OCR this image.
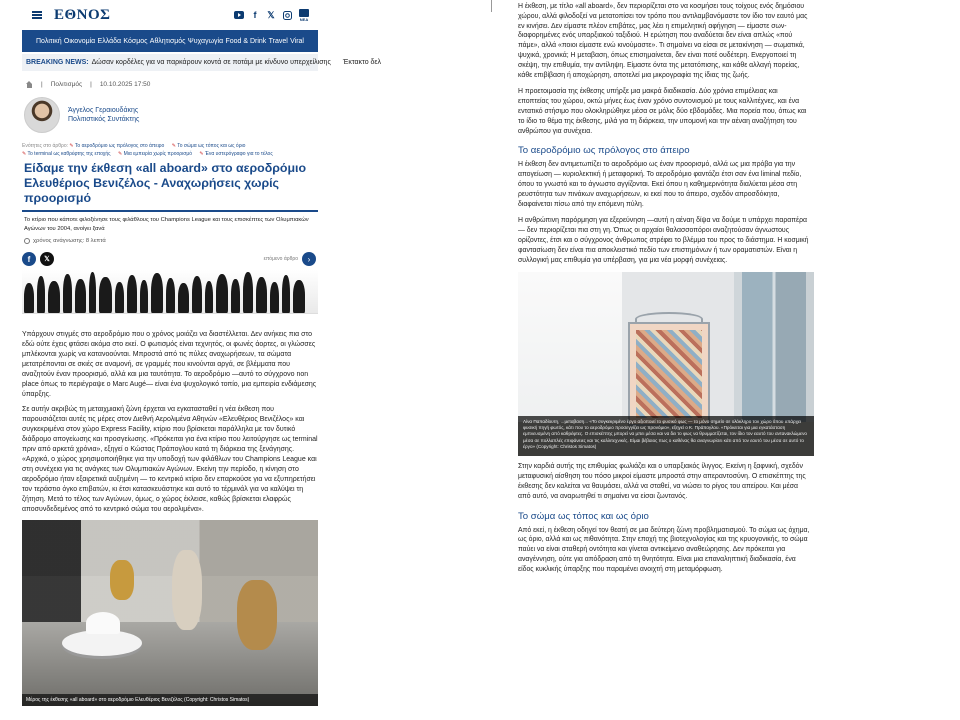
ΕΘΝΟΣ	f	𝕏	ΝΕΑ
Πολιτική Οικονομία Ελλάδα Κόσμος Αθλητισμός Ψυχαγωγία Food & Drink Travel Viral
BREAKING NEWS: Δώσαν κορδέλες για να παρκάρουν κοντά σε ποτάμι με κίνδυνο υπερχείλισης	Έκτακτο δελ
| Πολιτισμός | 10.10.2025 17:50
Άγγελος Γεραιουδάκης
Πολιτιστικός Συντάκτης
Ενότητες στο άρθρο: ✎ Το αεροδρόμιο ως πρόλογος στο άπειρο	✎ Το σώμα ως τόπος και ως όριο
✎ Το terminal ως καθρέφτης της εποχής	✎ Μια εμπειρία χωρίς προορισμό	✎ Ένα υστερόγραφο για το τέλος
Είδαμε την έκθεση «all aboard» στο αεροδρόμιο Ελευθέριος Βενιζέλος - Αναχωρήσεις χωρίς προορισμό
Το κτίριο που κάποτε φιλοξένησε τους φιλάθλους του Champions League και τους επισκέπτες των Ολυμπιακών Αγώνων του 2004, ανοίγει ξανά
χρόνος ανάγνωσης: 8 λεπτά
f	𝕏	επόμενο άρθρο	›

Υπάρχουν στιγμές στο αεροδρόμιο που ο χρόνος μοιάζει να διαστέλλεται. Δεν ανήκεις πια στο εδώ ούτε έχεις φτάσει ακόμα στο εκεί. Ο φωτισμός είναι τεχνητός, οι φωνές άορτες, οι γλώσσες μπλέκονται χωρίς να κατανοούνται. Μπροστά από τις πύλες αναχωρήσεων, τα σώματα μετατρέπονται σε σκιές σε αναμονή, σε γραμμές που κινούνται αργά, σε βλέμματα που αναζητούν έναν προορισμό, αλλά και μια ταυτότητα. Το αεροδρόμιο —αυτό το σύγχρονο non place όπως το περιέγραψε ο Marc Augé— είναι ένα ψυχολογικό τοπίο, μια εμπειρία ενδιάμεσης ύπαρξης.

Σε αυτήν ακριβώς τη μεταιχμιακή ζώνη έρχεται να εγκατασταθεί η νέα έκθεση που παρουσιάζεται αυτές τις μέρες στον Διεθνή Αερολιμένα Αθηνών «Ελευθέριος Βενιζέλος» και συγκεκριμένα στον χώρο Express Facility, κτίριο που βρίσκεται παράλληλα με τον δυτικό διάδρομο απογείωσης και προσγείωσης. «Πρόκειται για ένα κτίριο που λειτούργησε ως terminal πριν από αρκετά χρόνια», εξηγεί ο Κώστας Πράπογλου κατά τη διάρκεια της ξενάγησης. «Αρχικά, ο χώρος χρησιμοποιήθηκε για την υποδοχή των φιλάθλων του Champions League και στη συνέχεια για τις ανάγκες των Ολυμπιακών Αγώνων. Εκείνη την περίοδο, η κίνηση στο αεροδρόμιο ήταν εξαιρετικά αυξημένη — το κεντρικό κτίριο δεν επαρκούσε για να εξυπηρετήσει τον τεράστιο όγκο επιβατών, κι έτσι κατασκευάστηκε και αυτό το τέρμινάλ για να καλύψει τη ζήτηση. Μετά το τέλος των Αγώνων, όμως, ο χώρος έκλεισε, καθώς βρίσκεται ελαφρώς αποσυνδεδεμένος από το κεντρικό σώμα του αερολιμένα».

Μέρος της έκθεσης «all aboard» στο αεροδρόμιο Ελευθέριος Βενιζέλος (Copyright: Christos Simatos)

Η έκθεση, με τίτλο «all aboard», δεν περιορίζεται στο να κοσμήσει τους τοίχους ενός δημόσιου χώρου, αλλά φιλοδοξεί να μετατοπίσει τον τρόπο που αντιλαμβανόμαστε τον ίδιο τον εαυτό μας εν κινήσει. Δεν είμαστε πλέον επιβάτες, μας λέει η επιμελητική αφήγηση — είμαστε σων-διαφορημένες ενός υπαρξιακού ταξιδιού. Η ερώτηση που αναδύεται δεν είναι απλώς «πού πάμε», αλλά «ποιοι είμαστε ενώ κινούμαστε». Τι σημαίνει να είσαι σε μετακίνηση — σωματικά, ψυχικά, χρονικά; Η μεταβαση, όπως επισημαίνεται, δεν είναι ποτέ ουδέτερη. Ενεργοποιεί τη σκέψη, την επιθυμία, την αντίληψη. Είμαστε όντα της μετατόπισης, και κάθε αλλαγή πορείας, κάθε επιβίβαση ή αποχώρηση, αποτελεί μια μικρογραφία της ίδιας της ζωής.

Η προετοιμασία της έκθεσης υπήρξε μια μακρά διαδικασία. Δύο χρόνια επιμέλειας και εποπτείας του χώρου, οκτώ μήνες έως έναν χρόνο συντονισμού με τους καλλιτέχνες, και ένα εντατικό στήσιμο που ολοκληρώθηκε μέσα σε μόλις δύο εβδομάδες. Μια πορεία που, όπως και το ίδιο το θέμα της έκθεσης, μιλά για τη διάρκεια, την υπομονή και την αέναη αναζήτηση του ανθρώπου για συνέχεια.

Το αεροδρόμιο ως πρόλογος στο άπειρο

Η έκθεση δεν αντιμετωπίζει το αεροδρόμιο ως έναν προορισμό, αλλά ως μια πρόβα για την απογείωση — κυριολεκτική ή μεταφορική. Το αεροδρόμιο φαντάζει έτσι σαν ένα liminal πεδίο, όπου το γνωστό και το άγνωστο αγγίζονται. Εκεί όπου η καθημερινότητα διαλύεται μέσα στη ρευστότητα των πινάκων αναχωρήσεων, κι εκεί που το άπειρο, σχεδόν απροσδόκητα, διαφαίνεται πίσω από την επόμενη πύλη.

Η ανθρώπινη παρόρμηση για εξερεύνηση —αυτή η αέναη δίψα να δούμε τι υπάρχει παραπέρα— δεν περιορίζεται πια στη γη. Όπως οι αρχαίοι θαλασσοπόροι αναζητούσαν άγνωστους ορίζοντες, έτσι και ο σύγχρονος άνθρωπος στρέφει το βλέμμα του προς το διάστημα. Η κοσμική φαντασίωση δεν είναι πια αποκλειστικό πεδίο των επιστημόνων ή των οραματιστών. Είναι η συλλογική μας επιθυμία για υπέρβαση, για μια νέα μορφή συνέχειας.

Λίνα Παπαδίουτη, ...μεταβαση... «Το συγκεκριμένο έργο αξιοποιεί το φυσικό φως — το μόνο σημείο σε ολόκληρο τον χώρο όπου υπάρχει φυσική πηγή φωτός, κάτι που το αεροδρόμιο προσεγγίζει ως προνόμιο», εξηγεί ο Κ. Πράπογλου. «Πρόκειται για μια εγκατάσταση εμπνευσμένη από καθρέφτες. Ο επισκέπτης μπορεί να μπει μέσα και να δει το φως να θρυμματίζεται, τον ίδιο τον εαυτό του αντανακλώμενο μέσα σε πολλαπλές επιφάνειες και τις καλλιτεχνικές. Είμαι βέβαιος πως ο καθένας θα αναγνωρίσει κάτι από τον εαυτό του μέσα σε αυτό το έργο» (Copyright: Christos Simatos)

Στην καρδιά αυτής της επιθυμίας φωλιάζει και ο υπαρξιακός ίλιγγος. Εκείνη η ξαφνική, σχεδόν μεταφυσική αίσθηση του πόσο μικροί είμαστε μπροστά στην απεραντοσύνη. Ο επισκέπτης της έκθεσης δεν καλείται να θαυμάσει, αλλά να σταθεί, να νιώσει το ρίγος του απείρου. Και μέσα από αυτό, να αναρωτηθεί τι σημαίνει να είσαι ζωντανός.

Το σώμα ως τόπος και ως όριο

Από εκεί, η έκθεση οδηγεί τον θεατή σε μια δεύτερη ζώνη προβληματισμού. Το σώμα ως όχημα, ως όριο, αλλά και ως πιθανότητα. Στην εποχή της βιοτεχνολογίας και της κρυογονικής, το σώμα παύει να είναι σταθερή οντότητα και γίνεται αντικείμενο αναθεώρησης. Δεν πρόκειται για αναγέννηση, ούτε για απόδραση από τη θνητότητα. Είναι μια επαναληπτική διαδικασία, ένα είδος κυκλικής ύπαρξης που παραμένει ανοιχτή στη μεταμόρφωση.
